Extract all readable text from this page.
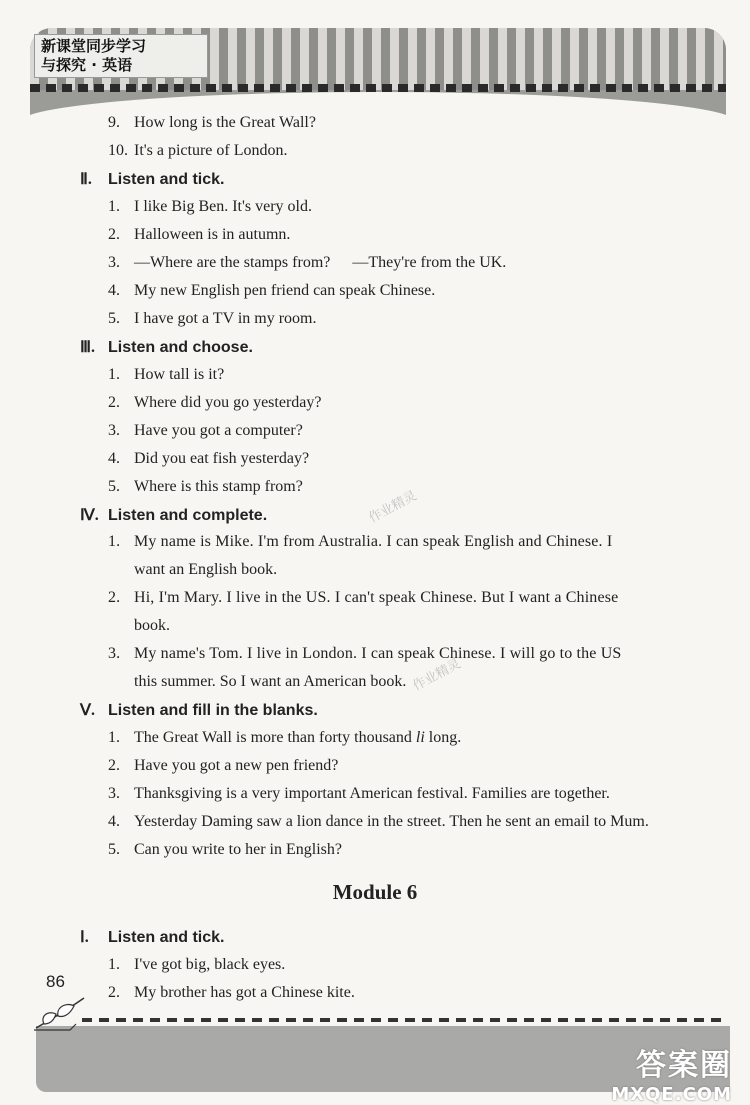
新课堂同步学习
与探究 · 英语
9. How long is the Great Wall?
10. It's a picture of London.
Ⅱ. Listen and tick.
1. I like Big Ben. It's very old.
2. Halloween is in autumn.
3. —Where are the stamps from? —They're from the UK.
4. My new English pen friend can speak Chinese.
5. I have got a TV in my room.
Ⅲ. Listen and choose.
1. How tall is it?
2. Where did you go yesterday?
3. Have you got a computer?
4. Did you eat fish yesterday?
5. Where is this stamp from?
Ⅳ. Listen and complete.
1. My name is Mike. I'm from Australia. I can speak English and Chinese. I
want an English book.
2. Hi, I'm Mary. I live in the US. I can't speak Chinese. But I want a Chinese
book.
3. My name's Tom. I live in London. I can speak Chinese. I will go to the US
this summer. So I want an American book.
Ⅴ. Listen and fill in the blanks.
1. The Great Wall is more than forty thousand li long.
2. Have you got a new pen friend?
3. Thanksgiving is a very important American festival. Families are together.
4. Yesterday Daming saw a lion dance in the street. Then he sent an email to Mum.
5. Can you write to her in English?
Module 6
Ⅰ. Listen and tick.
1. I've got big, black eyes.
2. My brother has got a Chinese kite.
作业精灵
作业精灵
86
答案圈
MXQE.COM
